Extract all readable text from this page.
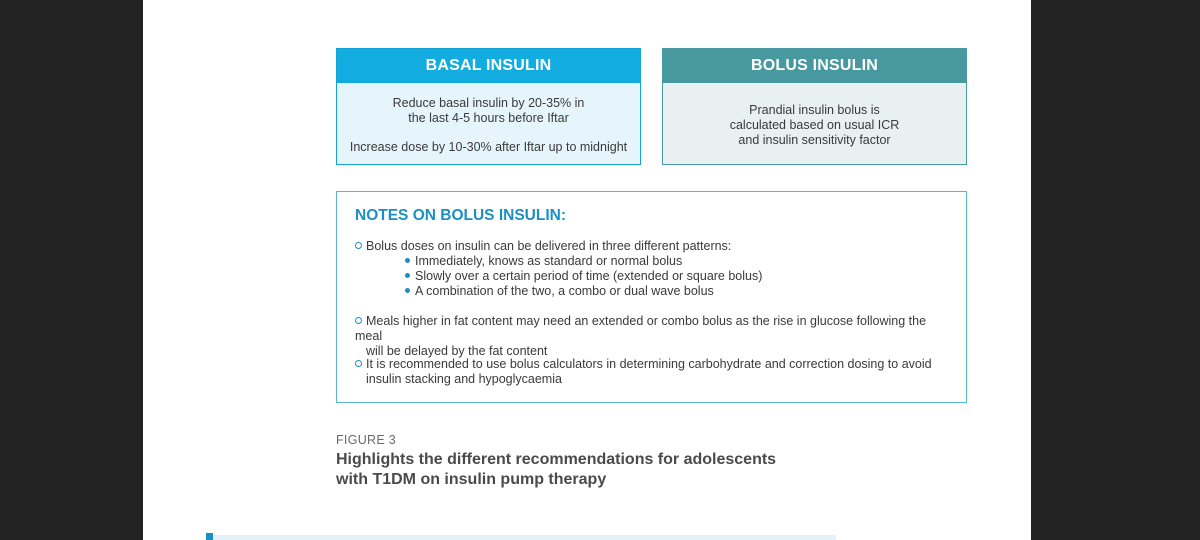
BASAL INSULIN
Reduce basal insulin by 20-35% in
the last 4-5 hours before Iftar
Increase dose by 10-30% after Iftar up to midnight
BOLUS INSULIN
Prandial insulin bolus is
calculated based on usual ICR
and insulin sensitivity factor
NOTES ON BOLUS INSULIN:
Bolus doses on insulin can be delivered in three different patterns:
Immediately, knows as standard or normal bolus
Slowly over a certain period of time (extended or square bolus)
A combination of the two, a combo or dual wave bolus
Meals higher in fat content may need an extended or combo bolus as the rise in glucose following the meal
will be delayed by the fat content
It is recommended to use bolus calculators in determining carbohydrate and correction dosing to avoid
insulin stacking and hypoglycaemia
FIGURE 3
Highlights the different recommendations for adolescents
with T1DM on insulin pump therapy
